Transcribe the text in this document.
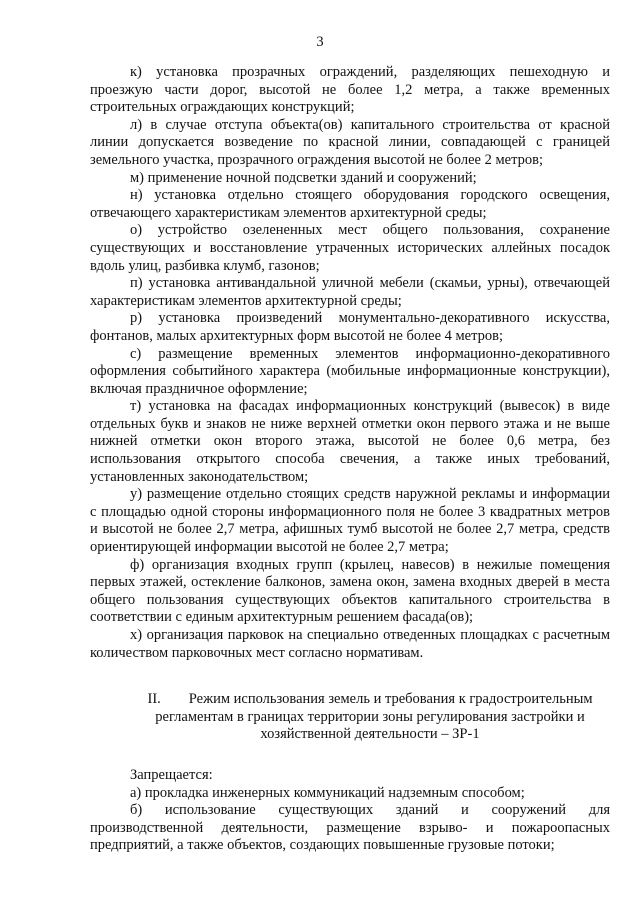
3

к) установка прозрачных ограждений, разделяющих пешеходную и проезжую части дорог, высотой не более 1,2 метра, а также временных строительных ограждающих конструкций;

л) в случае отступа объекта(ов) капитального строительства от красной линии допускается возведение по красной линии, совпадающей с границей земельного участка, прозрачного ограждения высотой не более 2 метров;

м) применение ночной подсветки зданий и сооружений;

н) установка отдельно стоящего оборудования городского освещения, отвечающего характеристикам элементов архитектурной среды;

о) устройство озелененных мест общего пользования, сохранение существующих и восстановление утраченных исторических аллейных посадок вдоль улиц, разбивка клумб, газонов;

п) установка антивандальной уличной мебели (скамьи, урны), отвечающей характеристикам элементов архитектурной среды;

р) установка произведений монументально-декоративного искусства, фонтанов, малых архитектурных форм высотой не более 4 метров;

с) размещение временных элементов информационно-декоративного оформления событийного характера (мобильные информационные конструкции), включая праздничное оформление;

т) установка на фасадах информационных конструкций (вывесок) в виде отдельных букв и знаков не ниже верхней отметки окон первого этажа и не выше нижней отметки окон второго этажа, высотой не более 0,6 метра, без использования открытого способа свечения, а также иных требований, установленных законодательством;

у) размещение отдельно стоящих средств наружной рекламы и информации с площадью одной стороны информационного поля не более 3 квадратных метров и высотой не более 2,7 метра, афишных тумб высотой не более 2,7 метра, средств ориентирующей информации высотой не более 2,7 метра;

ф) организация входных групп (крылец, навесов) в нежилые помещения первых этажей, остекление балконов, замена окон, замена входных дверей в места общего пользования существующих объектов капитального строительства в соответствии с единым архитектурным решением фасада(ов);

х) организация парковок на специально отведенных площадках с расчетным количеством парковочных мест согласно нормативам.

II. Режим использования земель и требования к градостроительным регламентам в границах территории зоны регулирования застройки и хозяйственной деятельности – ЗР-1

Запрещается:

а) прокладка инженерных коммуникаций надземным способом;

б) использование существующих зданий и сооружений для производственной деятельности, размещение взрыво- и пожароопасных предприятий, а также объектов, создающих повышенные грузовые потоки;
